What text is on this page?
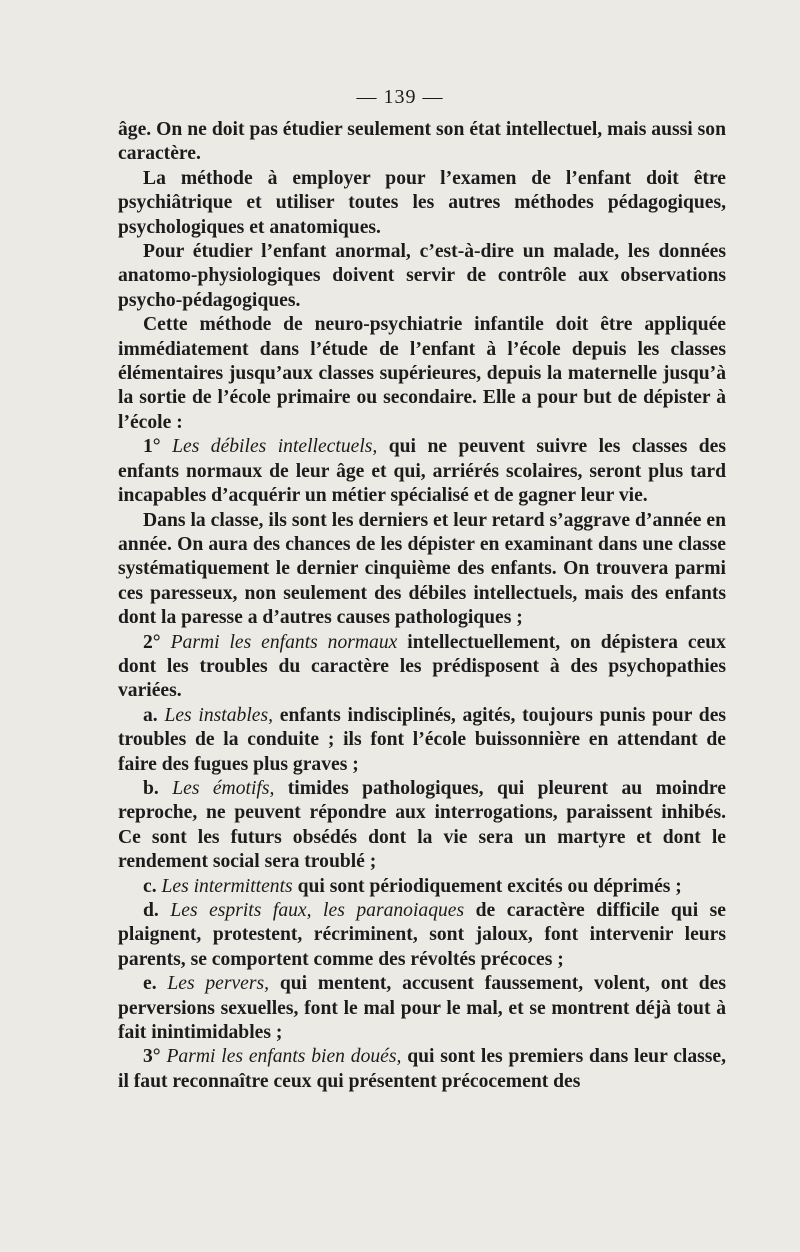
— 139 —

âge. On ne doit pas étudier seulement son état intellectuel, mais aussi son caractère.

La méthode à employer pour l’examen de l’enfant doit être psychiâtrique et utiliser toutes les autres méthodes pédagogiques, psychologiques et anatomiques.

Pour étudier l’enfant anormal, c’est-à-dire un malade, les données anatomo-physiologiques doivent servir de contrôle aux observations psycho-pédagogiques.

Cette méthode de neuro-psychiatrie infantile doit être appliquée immédiatement dans l’étude de l’enfant à l’école depuis les classes élémentaires jusqu’aux classes supérieures, depuis la maternelle jusqu’à la sortie de l’école primaire ou secondaire. Elle a pour but de dépister à l’école :

1° Les débiles intellectuels, qui ne peuvent suivre les classes des enfants normaux de leur âge et qui, arriérés scolaires, seront plus tard incapables d’acquérir un métier spécialisé et de gagner leur vie.

Dans la classe, ils sont les derniers et leur retard s’aggrave d’année en année. On aura des chances de les dépister en examinant dans une classe systématiquement le dernier cinquième des enfants. On trouvera parmi ces paresseux, non seulement des débiles intellectuels, mais des enfants dont la paresse a d’autres causes pathologiques ;

2° Parmi les enfants normaux intellectuellement, on dépistera ceux dont les troubles du caractère les prédisposent à des psychopathies variées.

a. Les instables, enfants indisciplinés, agités, toujours punis pour des troubles de la conduite ; ils font l’école buissonnière en attendant de faire des fugues plus graves ;

b. Les émotifs, timides pathologiques, qui pleurent au moindre reproche, ne peuvent répondre aux interrogations, paraissent inhibés. Ce sont les futurs obsédés dont la vie sera un martyre et dont le rendement social sera troublé ;

c. Les intermittents qui sont périodiquement excités ou déprimés ;

d. Les esprits faux, les paranoiaques de caractère difficile qui se plaignent, protestent, récriminent, sont jaloux, font intervenir leurs parents, se comportent comme des révoltés précoces ;

e. Les pervers, qui mentent, accusent faussement, volent, ont des perversions sexuelles, font le mal pour le mal, et se montrent déjà tout à fait inintimidables ;

3° Parmi les enfants bien doués, qui sont les premiers dans leur classe, il faut reconnaître ceux qui présentent précocement des
